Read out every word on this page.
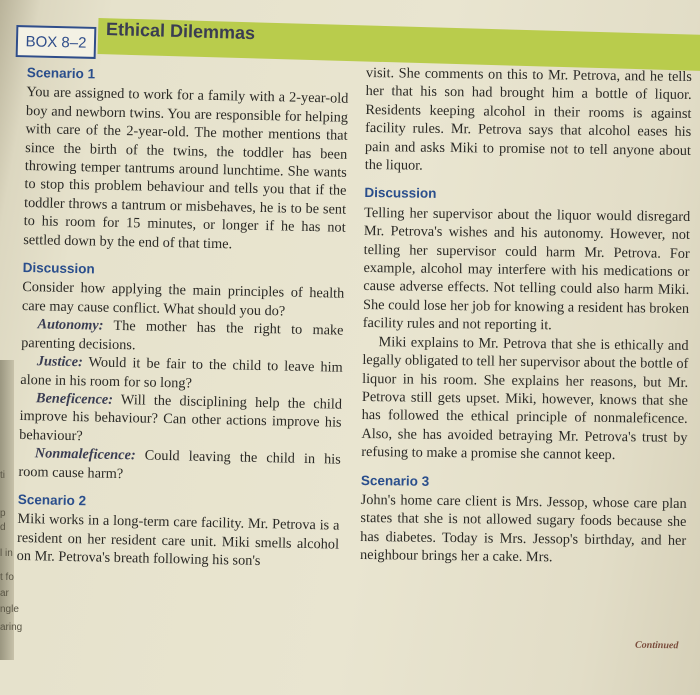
ti
p
d
l in
t fo
ar
ngle
aring
BOX 8–2	Ethical Dilemmas
Scenario 1

You are assigned to work for a family with a 2-year-old boy and newborn twins. You are responsible for helping with care of the 2-year-old. The mother mentions that since the birth of the twins, the toddler has been throwing temper tantrums around lunchtime. She wants to stop this problem behaviour and tells you that if the toddler throws a tantrum or misbehaves, he is to be sent to his room for 15 minutes, or longer if he has not settled down by the end of that time.

Discussion

Consider how applying the main principles of health care may cause conflict. What should you do?

Autonomy: The mother has the right to make parenting decisions.

Justice: Would it be fair to the child to leave him alone in his room for so long?

Beneficence: Will the disciplining help the child improve his behaviour? Can other actions improve his behaviour?

Nonmaleficence: Could leaving the child in his room cause harm?

Scenario 2

Miki works in a long-term care facility. Mr. Petrova is a resident on her resident care unit. Miki smells alcohol on Mr. Petrova's breath following his son's

visit. She comments on this to Mr. Petrova, and he tells her that his son had brought him a bottle of liquor. Residents keeping alcohol in their rooms is against facility rules. Mr. Petrova says that alcohol eases his pain and asks Miki to promise not to tell anyone about the liquor.

Discussion

Telling her supervisor about the liquor would disregard Mr. Petrova's wishes and his autonomy. However, not telling her supervisor could harm Mr. Petrova. For example, alcohol may interfere with his medications or cause adverse effects. Not telling could also harm Miki. She could lose her job for knowing a resident has broken facility rules and not reporting it.

Miki explains to Mr. Petrova that she is ethically and legally obligated to tell her supervisor about the bottle of liquor in his room. She explains her reasons, but Mr. Petrova still gets upset. Miki, however, knows that she has followed the ethical principle of nonmaleficence. Also, she has avoided betraying Mr. Petrova's trust by refusing to make a promise she cannot keep.

Scenario 3

John's home care client is Mrs. Jessop, whose care plan states that she is not allowed sugary foods because she has diabetes. Today is Mrs. Jessop's birthday, and her neighbour brings her a cake. Mrs.

Continued
